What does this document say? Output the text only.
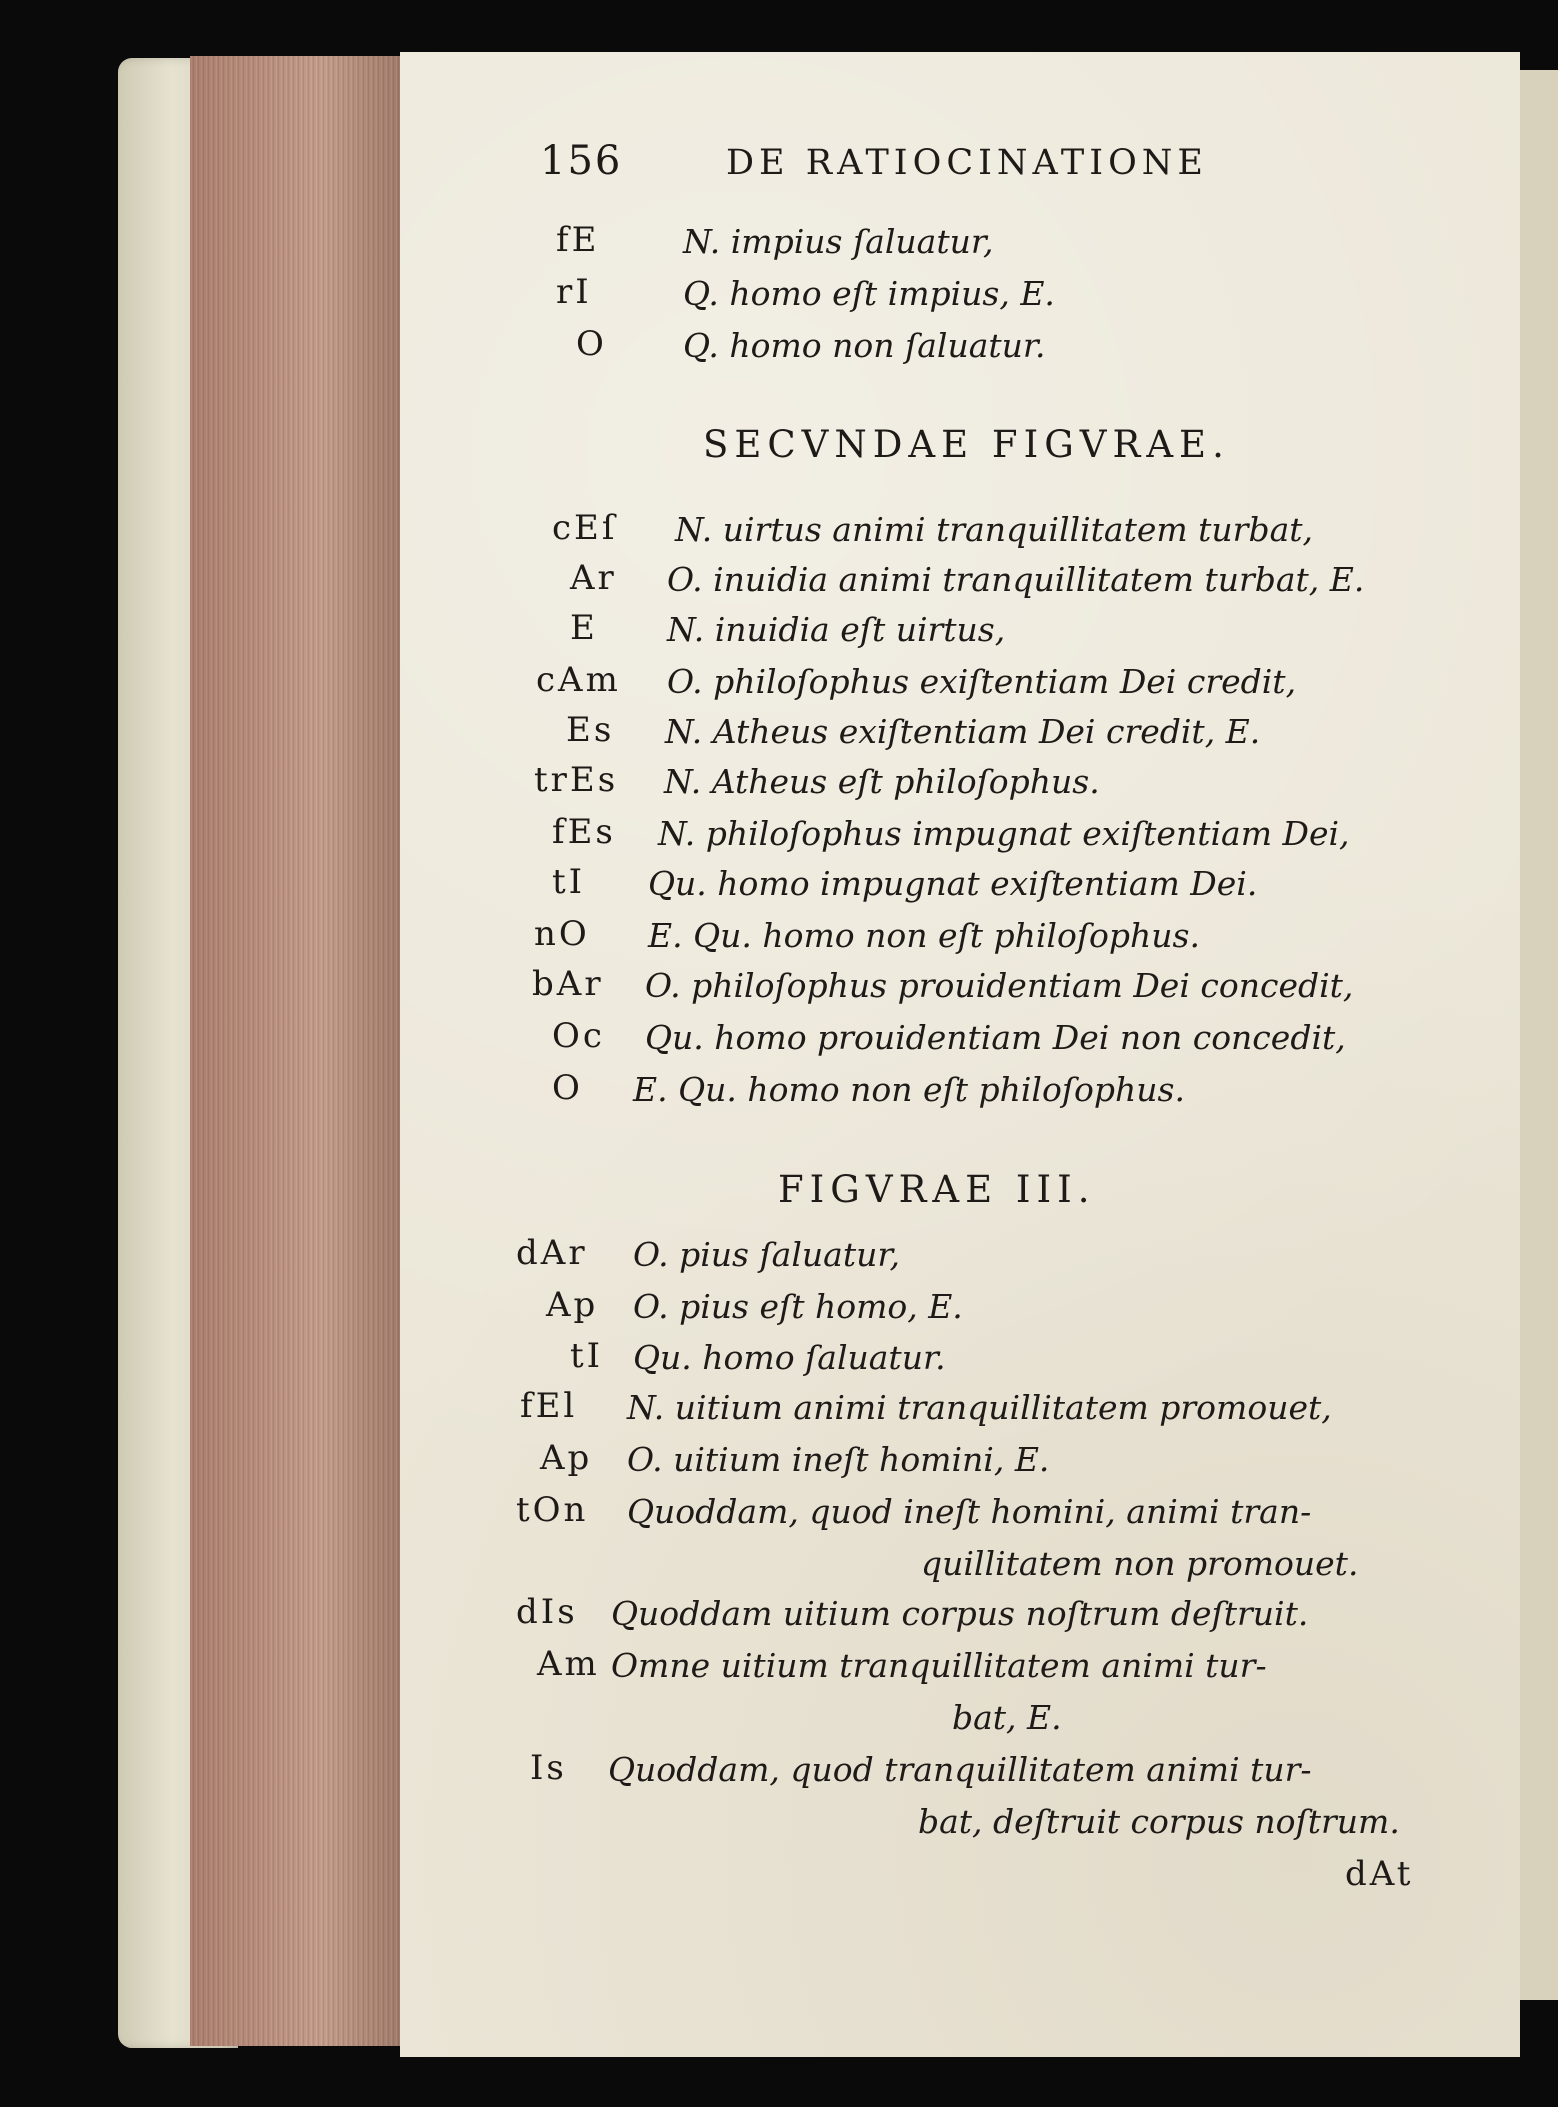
156	DE RATIOCINATIONE
fE	N. impius ſaluatur,
rI	Q. homo eſt impius, E.
O Q. homo non ſaluatur.
SECVNDAE FIGVRAE.
cEſ N. uirtus animi tranquillitatem turbat,
Ar O. inuidia animi tranquillitatem turbat, E.
E N. inuidia eſt uirtus,
cAm O. philoſophus exiſtentiam Dei credit,
Es N. Atheus exiſtentiam Dei credit, E.
trEs N. Atheus eſt philoſophus.
fEs N. philoſophus impugnat exiſtentiam Dei,
tI Qu. homo impugnat exiſtentiam Dei.
nO E. Qu. homo non eſt philoſophus.
bAr O. philoſophus prouidentiam Dei concedit,
Oc Qu. homo prouidentiam Dei non concedit,
O E. Qu. homo non eſt philoſophus.
FIGVRAE III.
dAr O. pius ſaluatur,
Ap O. pius eſt homo, E.
tI Qu. homo ſaluatur.
fEl N. uitium animi tranquillitatem promouet,
Ap O. uitium ineſt homini, E.
tOn Quoddam, quod ineſt homini, animi tran-
quillitatem non promouet.
dIs Quoddam uitium corpus noſtrum deſtruit.
Am Omne uitium tranquillitatem animi tur-
bat, E.
Is Quoddam, quod tranquillitatem animi tur-
bat, deſtruit corpus noſtrum.
dAt
